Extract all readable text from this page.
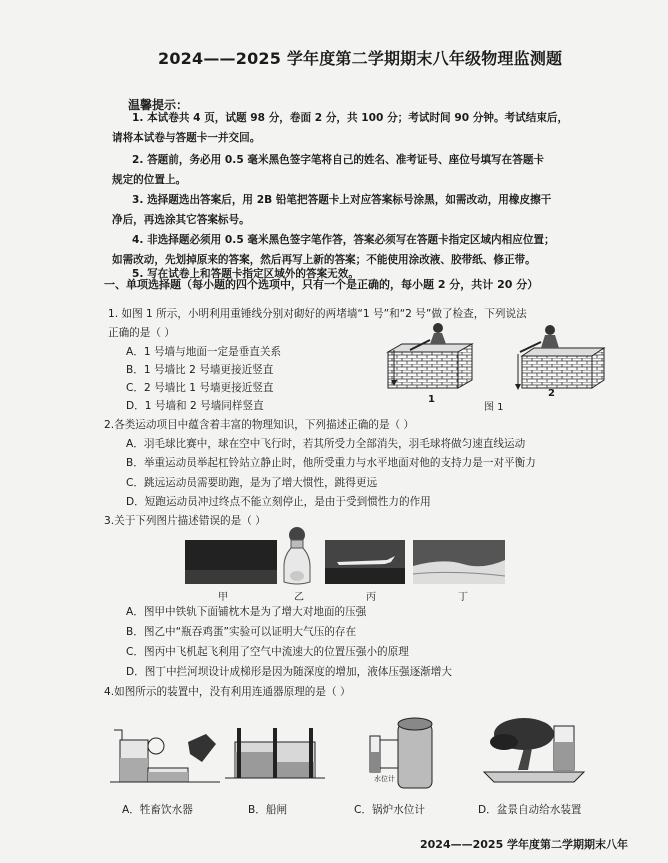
2024——2025 学年度第二学期期末八年级物理监测题
温馨提示：
1. 本试卷共 4 页，试题 98 分，卷面 2 分，共 100 分；考试时间 90 分钟。考试结束后，
请将本试卷与答题卡一并交回。
2. 答题前，务必用 0.5 毫米黑色签字笔将自己的姓名、准考证号、座位号填写在答题卡
规定的位置上。
3. 选择题选出答案后，用 2B 铅笔把答题卡上对应答案标号涂黑，如需改动，用橡皮擦干
净后，再选涂其它答案标号。
4. 非选择题必须用 0.5 毫米黑色签字笔作答，答案必须写在答题卡指定区域内相应位置；
如需改动，先划掉原来的答案，然后再写上新的答案；不能使用涂改液、胶带纸、修正带。
5. 写在试卷上和答题卡指定区域外的答案无效。
一、单项选择题（每小题的四个选项中，只有一个是正确的，每小题 2 分，共计 20 分）
1. 如图 1 所示，小明利用重锤线分别对砌好的两堵墙“1 号”和“2 号”做了检查，下列说法
正确的是（ ）
A．1 号墙与地面一定是垂直关系
B．1 号墙比 2 号墙更接近竖直
C．2 号墙比 1 号墙更接近竖直
D．1 号墙和 2 号墙同样竖直
1
2
图 1
2.各类运动项目中蕴含着丰富的物理知识，下列描述正确的是（ ）
A．羽毛球比赛中，球在空中飞行时，若其所受力全部消失，羽毛球将做匀速直线运动
B．举重运动员举起杠铃站立静止时，他所受重力与水平地面对他的支持力是一对平衡力
C．跳远运动员需要助跑，是为了增大惯性，跳得更远
D．短跑运动员冲过终点不能立刻停止，是由于受到惯性力的作用
3.关于下列图片描述错误的是（ ）
甲	乙	丙	丁
A．图甲中铁轨下面铺枕木是为了增大对地面的压强
B．图乙中“瓶吞鸡蛋”实验可以证明大气压的存在
C．图丙中飞机起飞利用了空气中流速大的位置压强小的原理
D．图丁中拦河坝设计成梯形是因为随深度的增加，液体压强逐渐增大
4.如图所示的装置中，没有利用连通器原理的是（ ）
水位计
A．牲畜饮水器	B．船闸	C．锅炉水位计	D．盆景自动给水装置
2024——2025 学年度第二学期期末八年
